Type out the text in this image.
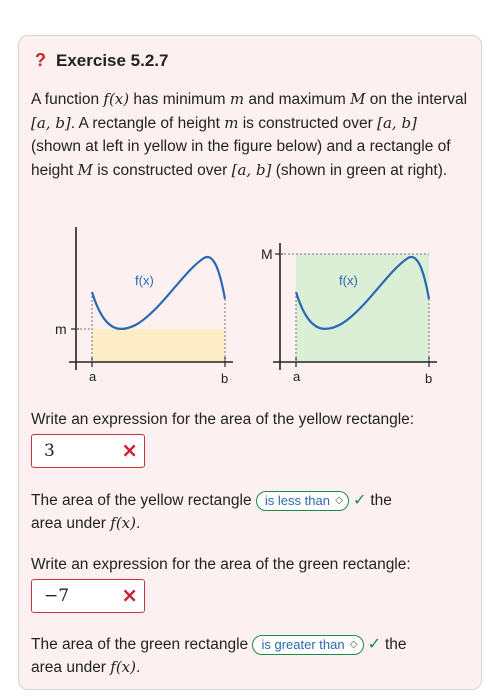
? Exercise 5.2.7
A function f(x) has minimum m and maximum M on the interval [a, b]. A rectangle of height m is constructed over [a, b] (shown at left in yellow in the figure below) and a rectangle of height M is constructed over [a, b] (shown in green at right).
f(x)
m
a	b
f(x)
M
a	b
Write an expression for the area of the yellow rectangle:
3	×
The area of the yellow rectangle is less than ◇ ✓ the
area under f(x).
Write an expression for the area of the green rectangle:
−7	×
The area of the green rectangle is greater than ◇ ✓ the
area under f(x).
